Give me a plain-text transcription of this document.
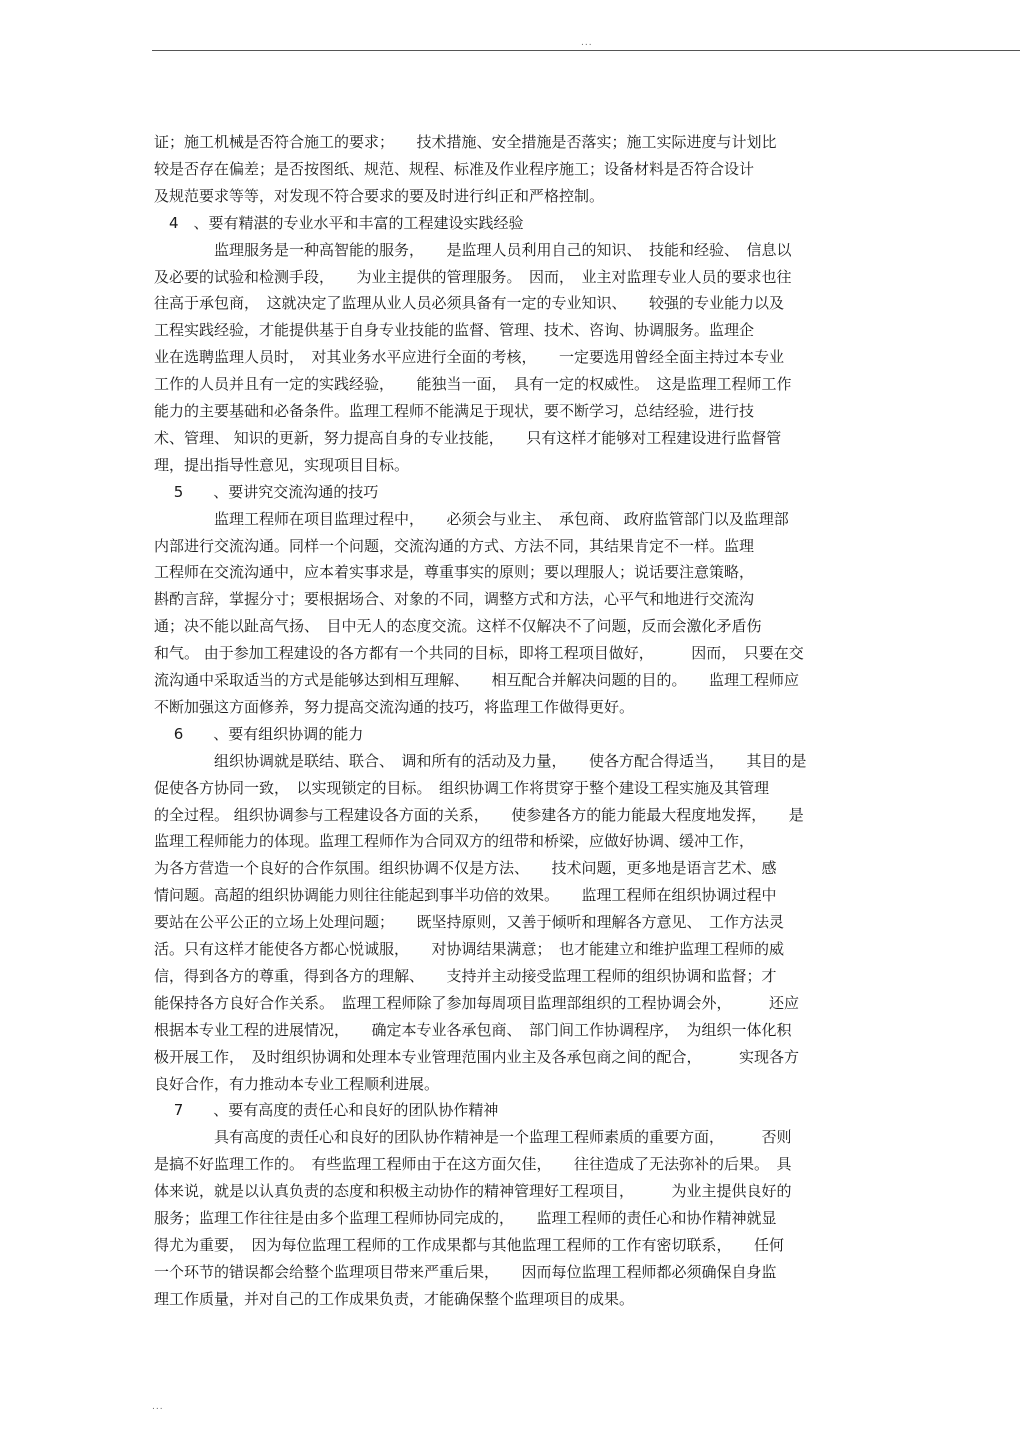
...

证；施工机械是否符合施工的要求；　　技术措施、安全措施是否落实；施工实际进度与计划比

较是否存在偏差；是否按图纸、规范、规程、标准及作业程序施工；设备材料是否符合设计

及规范要求等等，对发现不符合要求的要及时进行纠正和严格控制。

　4　、要有精湛的专业水平和丰富的工程建设实践经验

　　　　监理服务是一种高智能的服务，　　是监理人员利用自己的知识、　技能和经验、　信息以

及必要的试验和检测手段，　　为业主提供的管理服务。　因而，　业主对监理专业人员的要求也往

往高于承包商，　这就决定了监理从业人员必须具备有一定的专业知识、　　较强的专业能力以及

工程实践经验，才能提供基于自身专业技能的监督、管理、技术、咨询、协调服务。监理企

业在选聘监理人员时，　对其业务水平应进行全面的考核，　　一定要选用曾经全面主持过本专业

工作的人员并且有一定的实践经验，　　能独当一面，　具有一定的权威性。　这是监理工程师工作

能力的主要基础和必备条件。监理工程师不能满足于现状，要不断学习，总结经验，进行技

术、管理、 知识的更新，努力提高自身的专业技能，　　只有这样才能够对工程建设进行监督管

理，提出指导性意见，实现项目目标。

　 5　　、要讲究交流沟通的技巧

　　　　监理工程师在项目监理过程中，　　必须会与业主、　承包商、 政府监管部门以及监理部

内部进行交流沟通。同样一个问题，交流沟通的方式、方法不同，其结果肯定不一样。监理

工程师在交流沟通中，应本着实事求是，尊重事实的原则；要以理服人；说话要注意策略，

斟酌言辞，掌握分寸；要根据场合、对象的不同，调整方式和方法，心平气和地进行交流沟

通；决不能以趾高气扬、　目中无人的态度交流。这样不仅解决不了问题，反而会激化矛盾伤

和气。 由于参加工程建设的各方都有一个共同的目标，即将工程项目做好，　　　因而，　只要在交

流沟通中采取适当的方式是能够达到相互理解、　　相互配合并解决问题的目的。　　监理工程师应

不断加强这方面修养，努力提高交流沟通的技巧，将监理工作做得更好。

　 6　　、要有组织协调的能力

　　　　组织协调就是联结、联合、　调和所有的活动及力量，　　使各方配合得适当，　　其目的是

促使各方协同一致，　以实现锁定的目标。　组织协调工作将贯穿于整个建设工程实施及其管理

的全过程。 组织协调参与工程建设各方面的关系，　　使参建各方的能力能最大程度地发挥，　　是

监理工程师能力的体现。监理工程师作为合同双方的纽带和桥梁，应做好协调、缓冲工作，

为各方营造一个良好的合作氛围。组织协调不仅是方法、　　技术问题，更多地是语言艺术、感

情问题。高超的组织协调能力则往往能起到事半功倍的效果。　　监理工程师在组织协调过程中

要站在公平公正的立场上处理问题；　　既坚持原则，又善于倾听和理解各方意见、　工作方法灵

活。只有这样才能使各方都心悦诚服，　　对协调结果满意；　也才能建立和维护监理工程师的威

信，得到各方的尊重，得到各方的理解、　　支持并主动接受监理工程师的组织协调和监督；才

能保持各方良好合作关系。　监理工程师除了参加每周项目监理部组织的工程协调会外，　　　还应

根据本专业工程的进展情况，　　确定本专业各承包商、　部门间工作协调程序，　为组织一体化积

极开展工作，　及时组织协调和处理本专业管理范围内业主及各承包商之间的配合，　　　实现各方

良好合作，有力推动本专业工程顺利进展。

　 7　　、要有高度的责任心和良好的团队协作精神

　　　　具有高度的责任心和良好的团队协作精神是一个监理工程师素质的重要方面，　　　否则

是搞不好监理工作的。　有些监理工程师由于在这方面欠佳，　　往往造成了无法弥补的后果。　具

体来说，就是以认真负责的态度和积极主动协作的精神管理好工程项目，　　　为业主提供良好的

服务；监理工作往往是由多个监理工程师协同完成的，　　监理工程师的责任心和协作精神就显

得尤为重要，　因为每位监理工程师的工作成果都与其他监理工程师的工作有密切联系，　　任何

一个环节的错误都会给整个监理项目带来严重后果，　　因而每位监理工程师都必须确保自身监

理工作质量，并对自己的工作成果负责，才能确保整个监理项目的成果。

...
